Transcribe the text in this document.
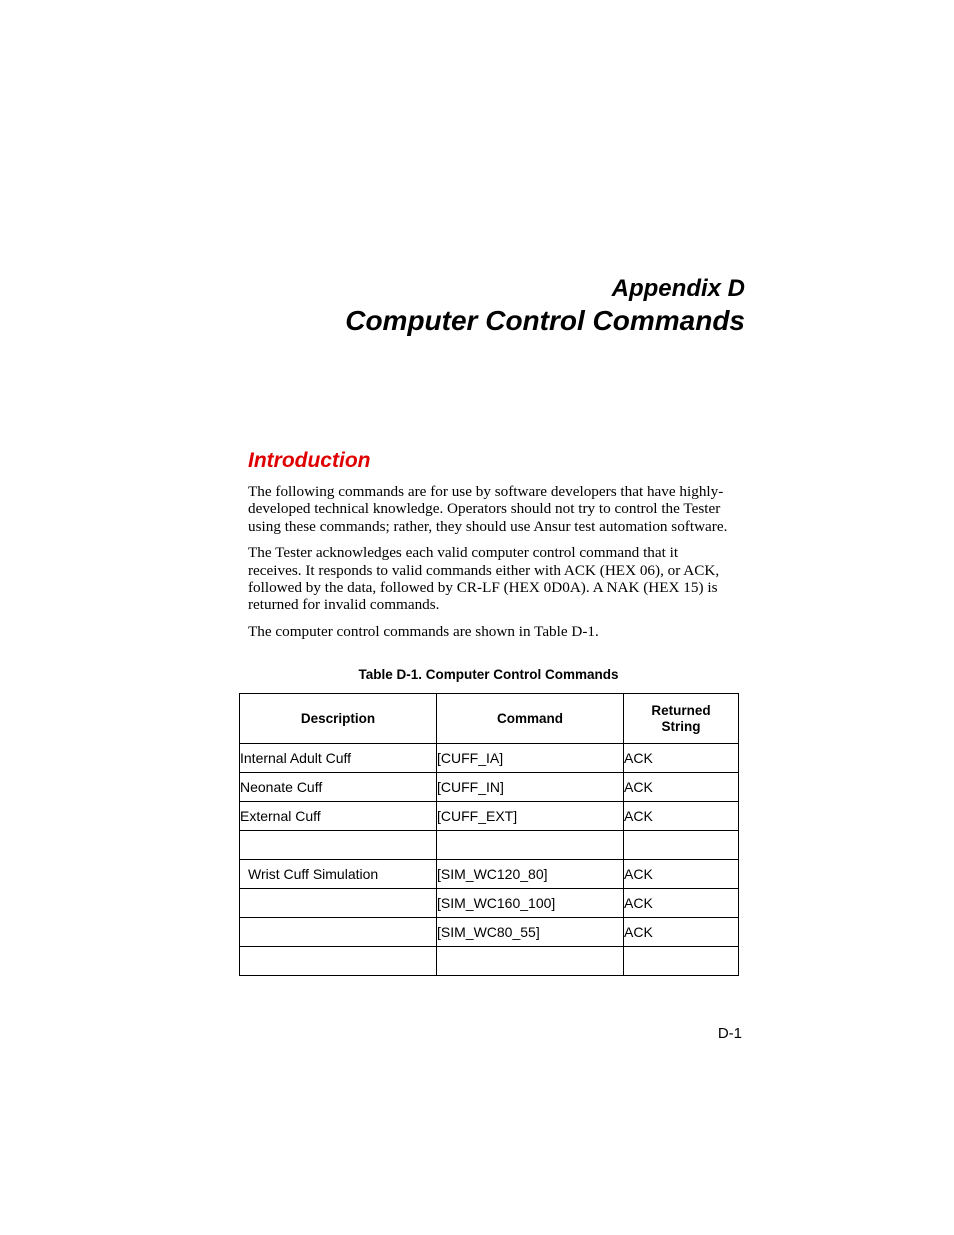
Appendix D
Computer Control Commands
Introduction

The following commands are for use by software developers that have highly-
developed technical knowledge. Operators should not try to control the Tester
using these commands; rather, they should use Ansur test automation software.

The Tester acknowledges each valid computer control command that it
receives. It responds to valid commands either with ACK (HEX 06), or ACK,
followed by the data, followed by CR-LF (HEX 0D0A). A NAK (HEX 15) is
returned for invalid commands.

The computer control commands are shown in Table D-1.

Table D-1. Computer Control Commands
Description	Command	Returned
String
Internal Adult Cuff	[CUFF_IA]	ACK
Neonate Cuff	[CUFF_IN]	ACK
External Cuff	[CUFF_EXT]	ACK

Wrist Cuff Simulation	[SIM_WC120_80]	ACK
	[SIM_WC160_100]	ACK
	[SIM_WC80_55]	ACK

D-1
